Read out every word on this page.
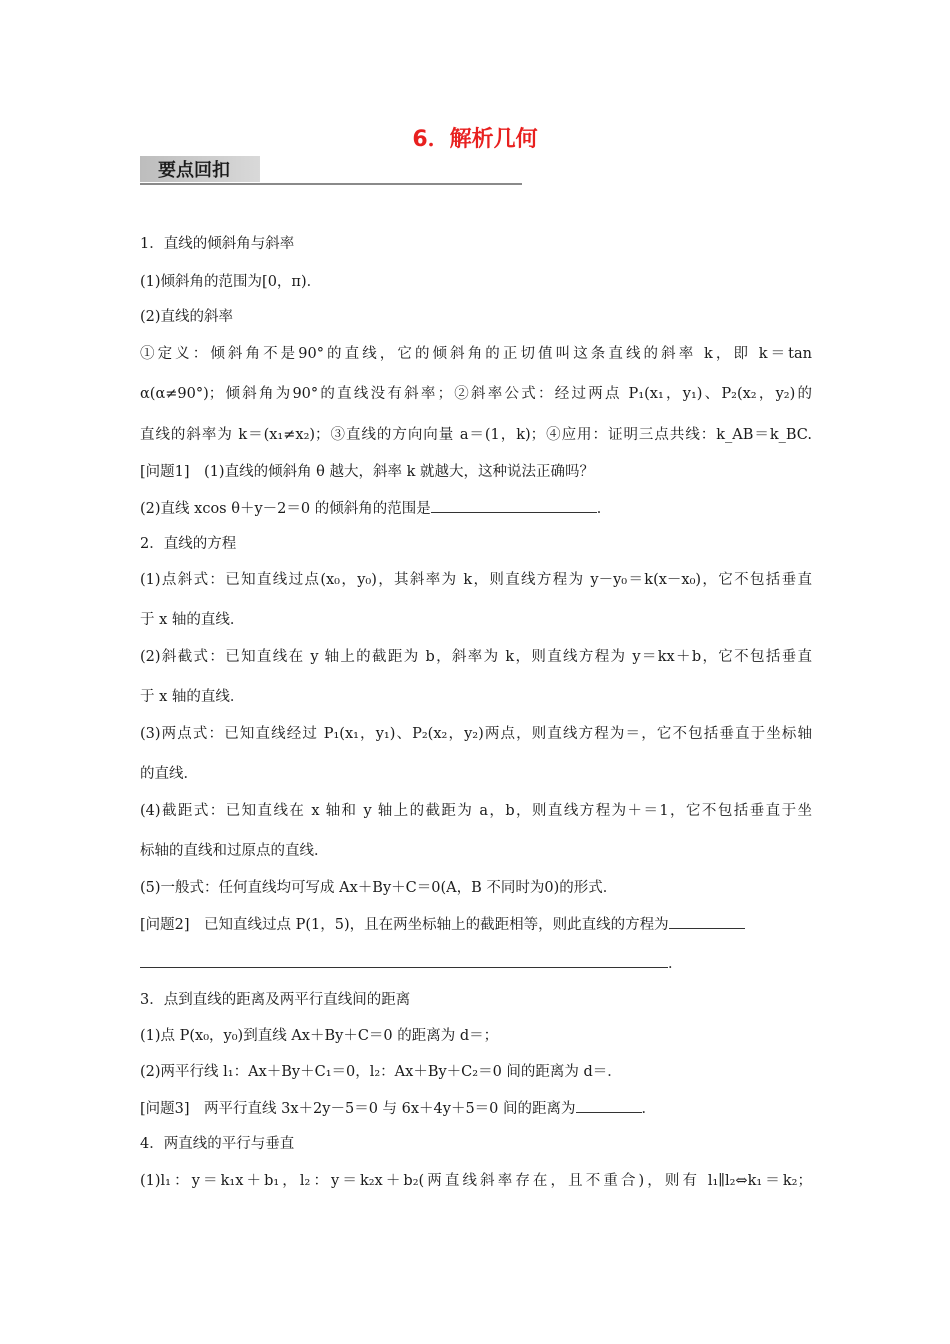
6．解析几何
要点回扣
1．直线的倾斜角与斜率
(1)倾斜角的范围为[0，π)．
(2)直线的斜率
①定义：倾斜角不是90°的直线，它的倾斜角的正切值叫这条直线的斜率 k，即 k＝tan
α(α≠90°)；倾斜角为90°的直线没有斜率；②斜率公式：经过两点 P₁(x₁，y₁)、P₂(x₂，y₂)的
直线的斜率为 k＝(x₁≠x₂)；③直线的方向向量 a＝(1，k)；④应用：证明三点共线：k_AB＝k_BC.
[问题1]　(1)直线的倾斜角 θ 越大，斜率 k 就越大，这种说法正确吗？
(2)直线 xcos θ＋y－2＝0 的倾斜角的范围是	．
2．直线的方程
(1)点斜式：已知直线过点(x₀，y₀)，其斜率为 k，则直线方程为 y－y₀＝k(x－x₀)，它不包括垂直
于 x 轴的直线．
(2)斜截式：已知直线在 y 轴上的截距为 b，斜率为 k，则直线方程为 y＝kx＋b，它不包括垂直
于 x 轴的直线．
(3)两点式：已知直线经过 P₁(x₁，y₁)、P₂(x₂，y₂)两点，则直线方程为＝，它不包括垂直于坐标轴
的直线．
(4)截距式：已知直线在 x 轴和 y 轴上的截距为 a，b，则直线方程为＋＝1，它不包括垂直于坐
标轴的直线和过原点的直线．
(5)一般式：任何直线均可写成 Ax＋By＋C＝0(A，B 不同时为0)的形式．
[问题2]　已知直线过点 P(1，5)，且在两坐标轴上的截距相等，则此直线的方程为
．
3．点到直线的距离及两平行直线间的距离
(1)点 P(x₀，y₀)到直线 Ax＋By＋C＝0 的距离为 d＝；
(2)两平行线 l₁：Ax＋By＋C₁＝0，l₂：Ax＋By＋C₂＝0 间的距离为 d＝．
[问题3]　两平行直线 3x＋2y－5＝0 与 6x＋4y＋5＝0 间的距离为	．
4．两直线的平行与垂直
(1)l₁：y＝k₁x＋b₁，l₂：y＝k₂x＋b₂(两直线斜率存在，且不重合)，则有 l₁∥l₂⇔k₁＝k₂；
